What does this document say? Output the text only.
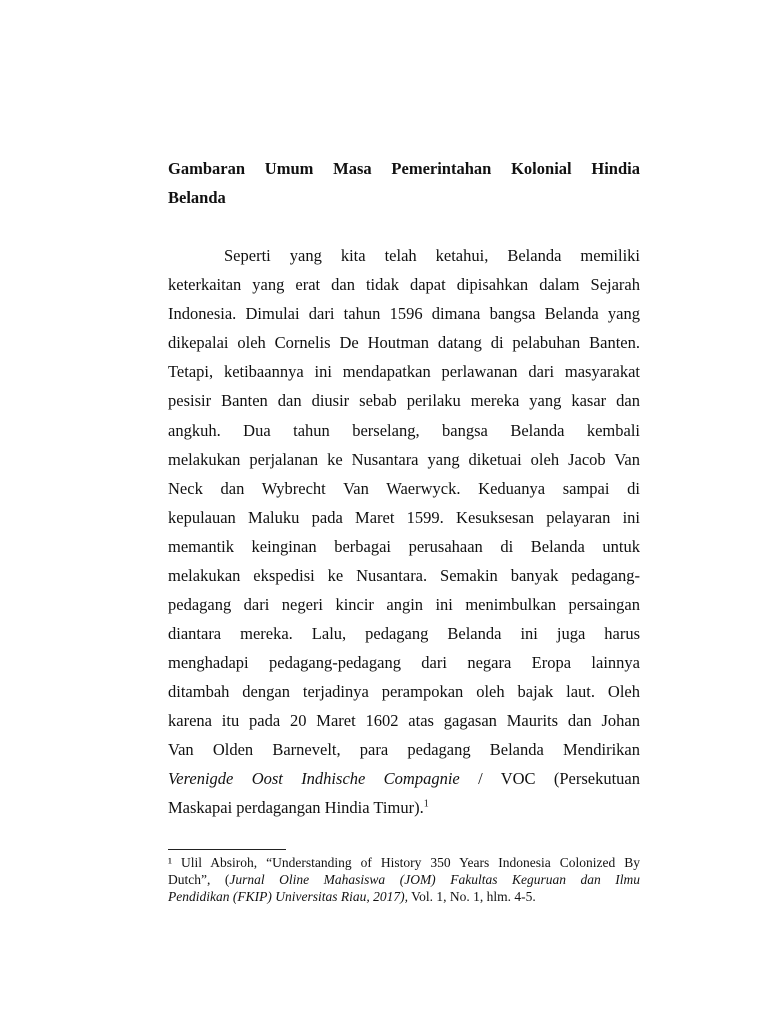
Gambaran Umum Masa Pemerintahan Kolonial Hindia
Belanda
Seperti yang kita telah ketahui, Belanda memiliki
keterkaitan yang erat dan tidak dapat dipisahkan dalam Sejarah
Indonesia. Dimulai dari tahun 1596 dimana bangsa Belanda yang
dikepalai oleh Cornelis De Houtman datang di pelabuhan Banten.
Tetapi, ketibaannya ini mendapatkan perlawanan dari masyarakat
pesisir Banten dan diusir sebab perilaku mereka yang kasar dan
angkuh. Dua tahun berselang, bangsa Belanda kembali
melakukan perjalanan ke Nusantara yang diketuai oleh Jacob Van
Neck dan Wybrecht Van Waerwyck. Keduanya sampai di
kepulauan Maluku pada Maret 1599. Kesuksesan pelayaran ini
memantik keinginan berbagai perusahaan di Belanda untuk
melakukan ekspedisi ke Nusantara. Semakin banyak pedagang-
pedagang dari negeri kincir angin ini menimbulkan persaingan
diantara mereka. Lalu, pedagang Belanda ini juga harus
menghadapi pedagang-pedagang dari negara Eropa lainnya
ditambah dengan terjadinya perampokan oleh bajak laut. Oleh
karena itu pada 20 Maret 1602 atas gagasan Maurits dan Johan
Van Olden Barnevelt, para pedagang Belanda Mendirikan
Verenigde Oost Indhische Compagnie / VOC (Persekutuan
Maskapai perdagangan Hindia Timur).$^1$
¹ Ulil Absiroh, “Understanding of History 350 Years Indonesia Colonized By
Dutch”, (Jurnal Oline Mahasiswa (JOM) Fakultas Keguruan dan Ilmu
Pendidikan (FKIP) Universitas Riau, 2017), Vol. 1, No. 1, hlm. 4-5.
